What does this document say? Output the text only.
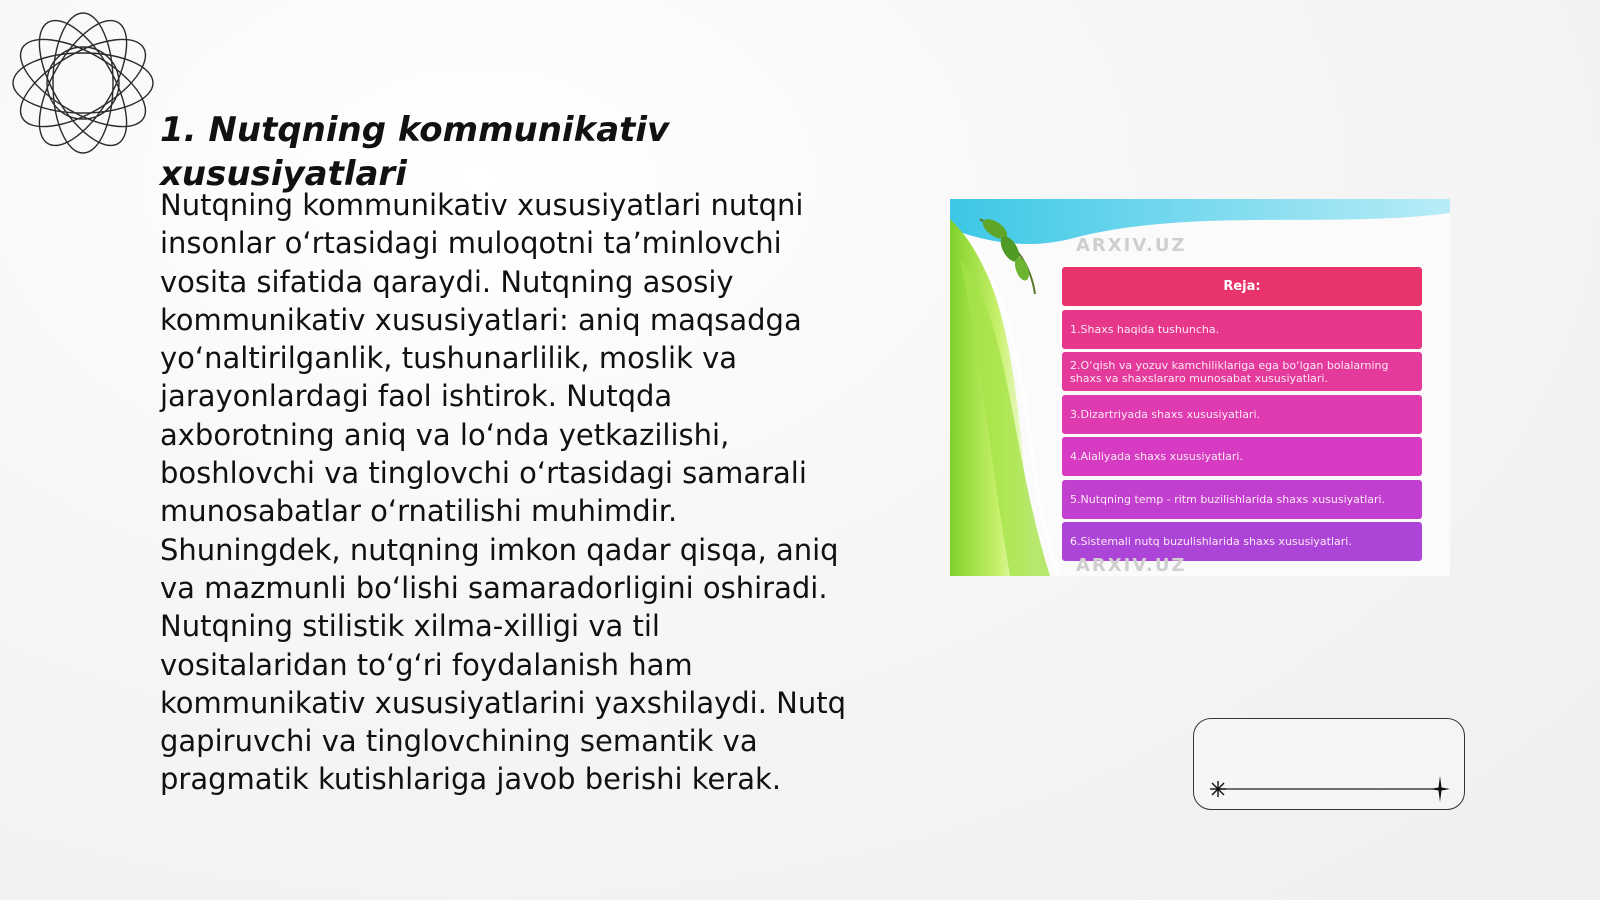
1. Nutqning kommunikativ xususiyatlari

Nutqning kommunikativ xususiyatlari nutqni insonlar o‘rtasidagi muloqotni ta’minlovchi vosita sifatida qaraydi. Nutqning asosiy kommunikativ xususiyatlari: aniq maqsadga yo‘naltirilganlik, tushunarlilik, moslik va jarayonlardagi faol ishtirok. Nutqda axborotning aniq va lo‘nda yetkazilishi, boshlovchi va tinglovchi o‘rtasidagi samarali munosabatlar o‘rnatilishi muhimdir. Shuningdek, nutqning imkon qadar qisqa, aniq va mazmunli bo‘lishi samaradorligini oshiradi. Nutqning stilistik xilma-xilligi va til vositalaridan to‘g‘ri foydalanish ham kommunikativ xususiyatlarini yaxshilaydi. Nutq gapiruvchi va tinglovchining semantik va pragmatik kutishlariga javob berishi kerak.

ARXIV.UZ
Reja:
1.Shaxs haqida tushuncha.
2.O‘qish va yozuv kamchiliklariga ega bo‘lgan bolalarning shaxs va shaxslararo munosabat xususiyatlari.
3.Dizartriyada shaxs xususiyatlari.
4.Alaliyada shaxs xususiyatlari.
5.Nutqning temp - ritm buzilishlarida shaxs xususiyatlari.
6.Sistemali nutq buzulishlarida shaxs xususiyatlari.
ARXIV.UZ
